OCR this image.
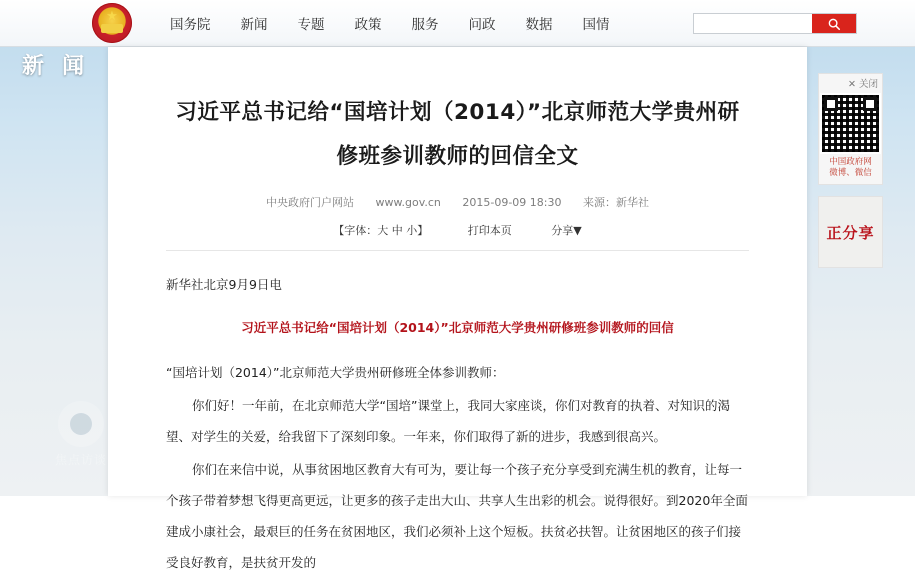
新 闻
焦点访谈
★
国务院 新闻 专题 政策 服务 问政 数据 国情
习近平总书记给“国培计划（2014）”北京师范大学贵州研修班参训教师的回信全文
中央政府门户网站 www.gov.cn 2015-09-09 18:30 来源：新华社
【字体：大 中 小】	打印本页	分享▼

新华社北京9月9日电

习近平总书记给“国培计划（2014）”北京师范大学贵州研修班参训教师的回信

“国培计划（2014）”北京师范大学贵州研修班全体参训教师：

你们好！一年前，在北京师范大学“国培”课堂上，我同大家座谈，你们对教育的执着、对知识的渴望、对学生的关爱，给我留下了深刻印象。一年来，你们取得了新的进步，我感到很高兴。

你们在来信中说，从事贫困地区教育大有可为，要让每一个孩子充分享受到充满生机的教育，让每一个孩子带着梦想飞得更高更远，让更多的孩子走出大山、共享人生出彩的机会。说得很好。到2020年全面建成小康社会，最艰巨的任务在贫困地区，我们必须补上这个短板。扶贫必扶智。让贫困地区的孩子们接受良好教育，是扶贫开发的

✕ 关闭
中国政府网
微博、微信
正分享
